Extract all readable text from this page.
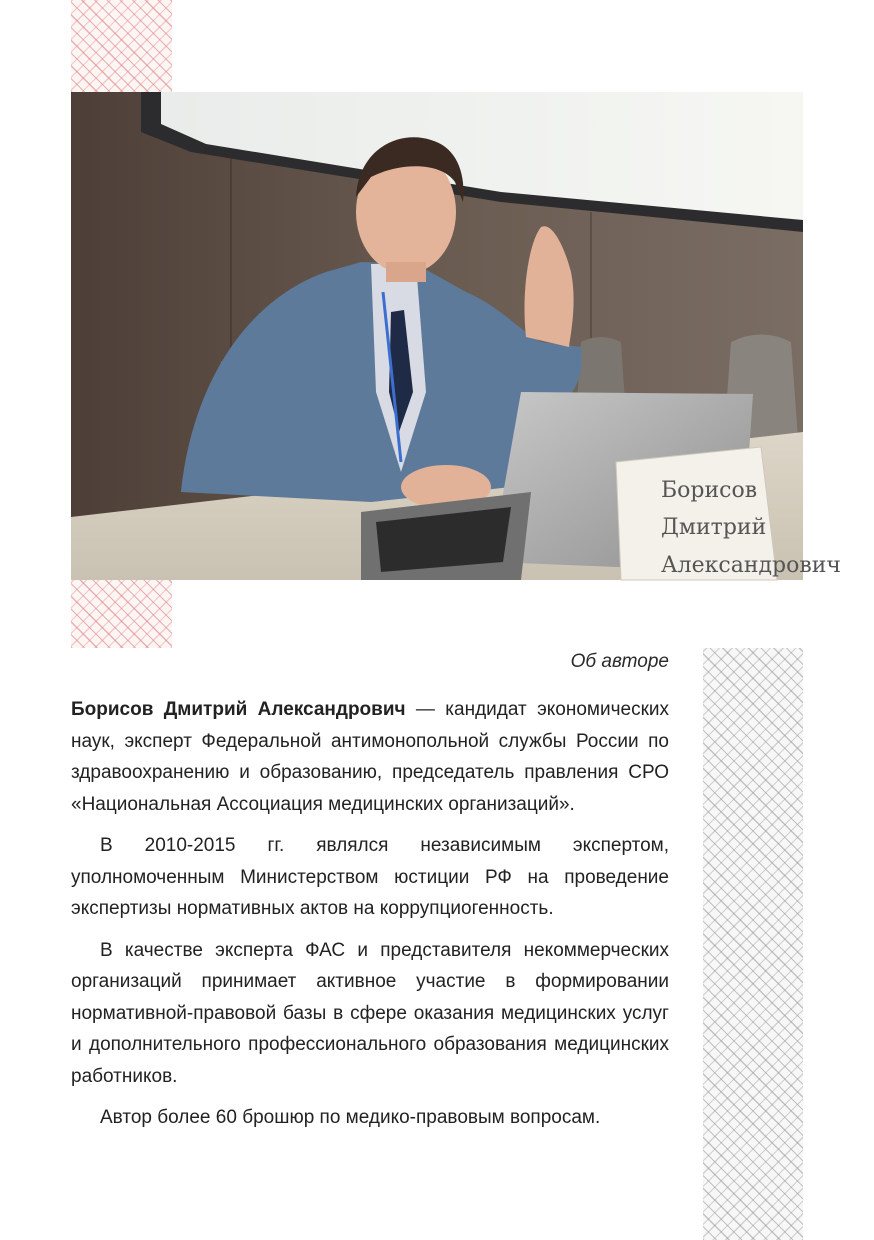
Борисов
Дмитрий
Александрович
Об авторе

Борисов Дмитрий Александрович — кандидат экономических наук, эксперт Федеральной антимонопольной службы России по здравоохранению и образованию, председатель правления СРО «Национальная Ассоциация медицинских организаций».

В 2010-2015 гг. являлся независимым экспертом, уполномоченным Министерством юстиции РФ на проведение экспертизы нормативных актов на коррупциогенность.

В качестве эксперта ФАС и представителя некоммерческих организаций принимает активное участие в формировании нормативной-правовой базы в сфере оказания медицинских услуг и дополнительного профессионального образования медицинских работников.

Автор более 60 брошюр по медико-правовым вопросам.
